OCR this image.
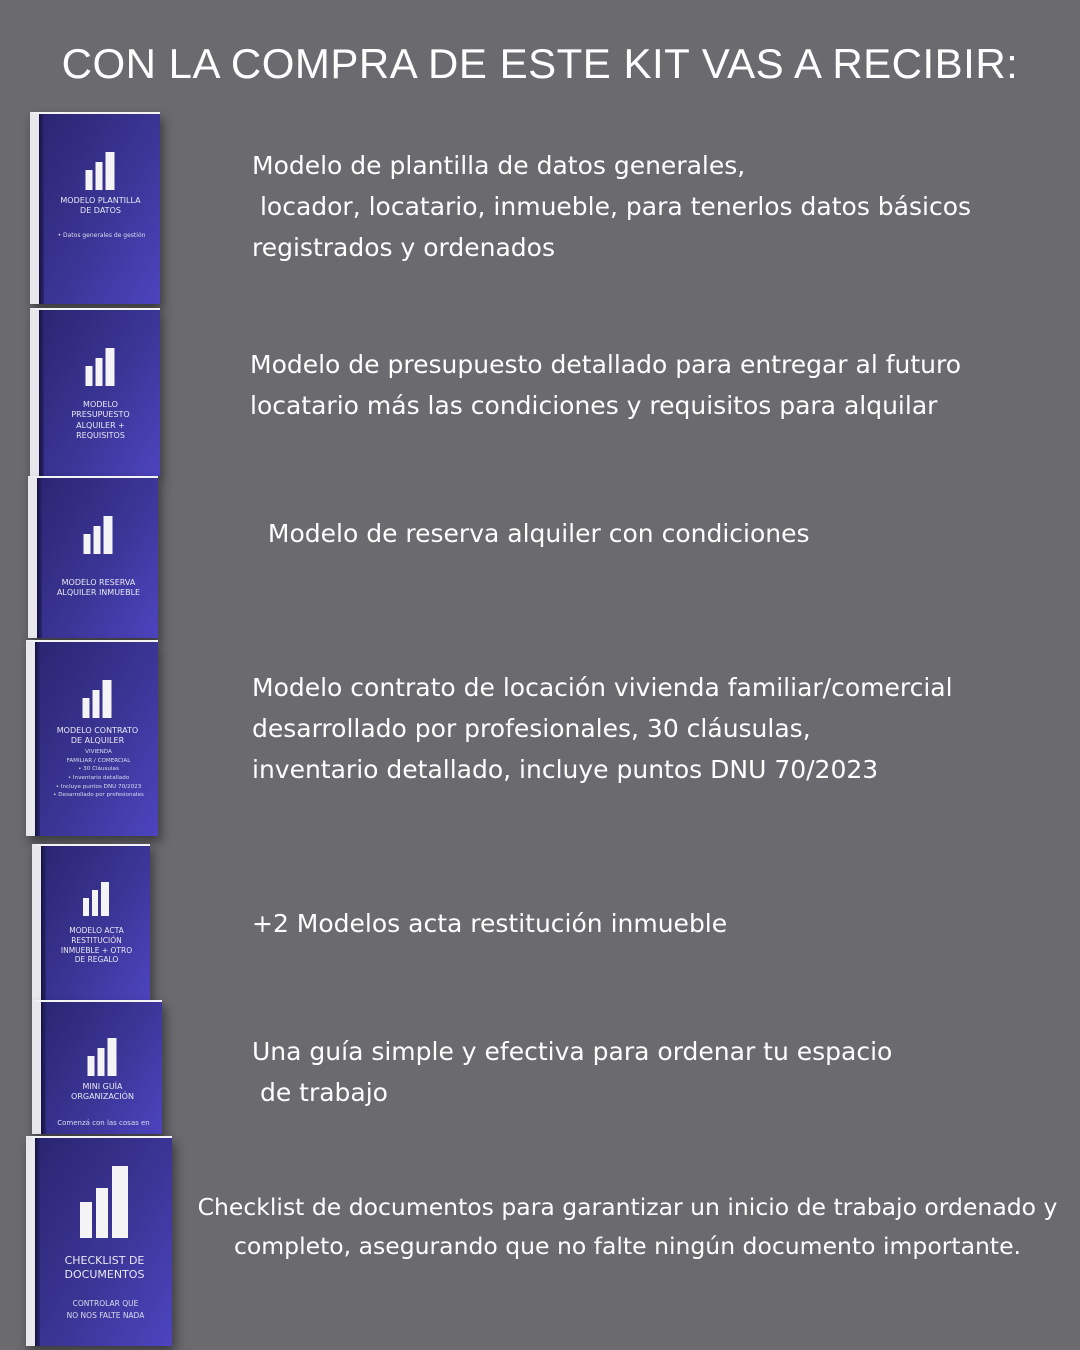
CON LA COMPRA DE ESTE KIT VAS A RECIBIR:
MODELO PLANTILLA
DE DATOS
• Datos generales de gestión

Modelo de plantilla de datos generales,
locador, locatario, inmueble, para tenerlos datos básicos
registrados y ordenados

MODELO
PRESUPUESTO
ALQUILER +
REQUISITOS

Modelo de presupuesto detallado para entregar al futuro
locatario más las condiciones y requisitos para alquilar

MODELO RESERVA
ALQUILER INMUEBLE

Modelo de reserva alquiler con condiciones

MODELO CONTRATO
DE ALQUILER
VIVIENDA
FAMILIAR / COMERCIAL
• 30 Cláusulas
• Inventario detallado
• Incluye puntos DNU 70/2023
• Desarrollado por profesionales

Modelo contrato de locación vivienda familiar/comercial
desarrollado por profesionales, 30 cláusulas,
inventario detallado, incluye puntos DNU 70/2023

MODELO ACTA
RESTITUCIÓN
INMUEBLE + OTRO
DE REGALO

+2 Modelos acta restitución inmueble

MINI GUÍA
ORGANIZACIÓN
Comenzá con las cosas en

Una guía simple y efectiva para ordenar tu espacio
de trabajo

CHECKLIST DE
DOCUMENTOS
CONTROLAR QUE
NO NOS FALTE NADA

Checklist de documentos para garantizar un inicio de trabajo ordenado y
completo, asegurando que no falte ningún documento importante.
